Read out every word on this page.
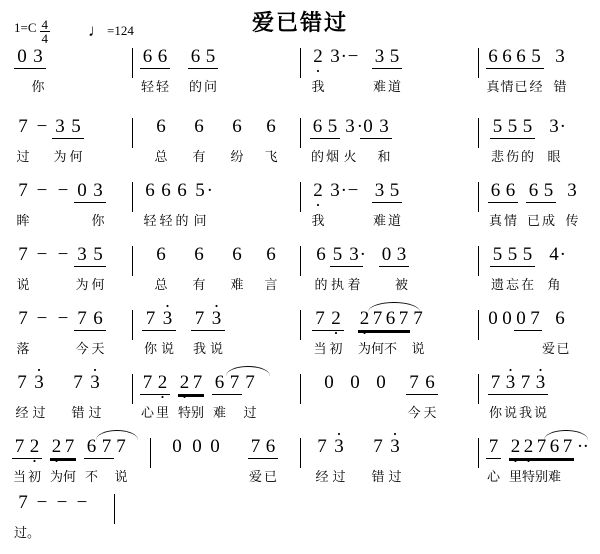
爱已错过
$1=C \frac{4}{4}$ ♩ =124
0 3
你
6 6 6 5
轻 轻 的 问
2 · 3 · − 3 5
我	难 道
6 6 6 5 3
真情已 经 错
7 − 3 5
过 为 何
6 6 6 6
总 有 纷 飞
6 5 3 · 0 3
的 烟 火 和
5 5 5 3 ·
悲 伤 的 眼
7 − − 0 3
眸	你
6 6 6 5 ·
轻 轻 的 问
2 · 3 · − 3 5
我	难 道
6 6 6 5 3
真 情 已 成 传
7 − − 3 5
说	为 何
6 6 6 6
总 有 难 言
6 5 3 · 0 3
的 执 着	被
5 5 5 4 ·
遗 忘 在 角
7 − − 7 6
落	今 天
7 · 3 7 · 3
你 说 我 说
7 2 · 2 · 7 6 7 7
当 初 为何不 说
0 0 0 7 6
爱已
7 · 3 7 · 3
经 过 错 过
7 2 · 2 · 7 6 7 7
心 里 特别 难 过
0 0 0 7 6
今 天
7 · 3 7 · 3
你 说 我 说
7 2 · 2 · 7 6 7 7
当 初 为何 不 说
0 0 0 7 6
爱 已
7 · 3 7 · 3
经 过 错 过
7 2 · 2 · 7 6 7 · ·
心 里特别难
7 − − −
过。
